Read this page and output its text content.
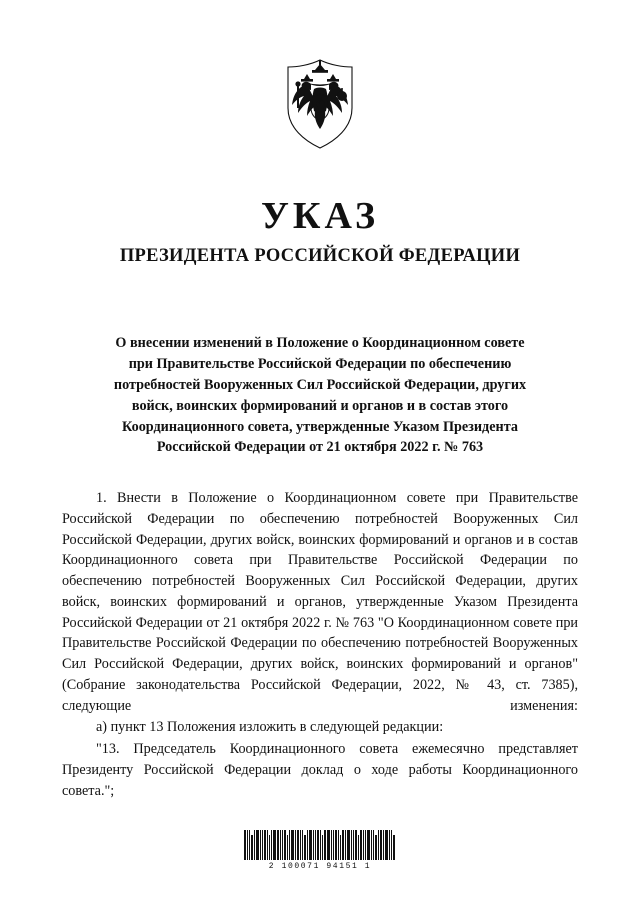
УКАЗ
ПРЕЗИДЕНТА РОССИЙСКОЙ ФЕДЕРАЦИИ
О внесении изменений в Положение о Координационном совете при Правительстве Российской Федерации по обеспечению потребностей Вооруженных Сил Российской Федерации, других войск, воинских формирований и органов и в состав этого Координационного совета, утвержденные Указом Президента Российской Федерации от 21 октября 2022 г. № 763

1. Внести в Положение о Координационном совете при Правительстве Российской Федерации по обеспечению потребностей Вооруженных Сил Российской Федерации, других войск, воинских формирований и органов и в состав Координационного совета при Правительстве Российской Федерации по обеспечению потребностей Вооруженных Сил Российской Федерации, других войск, воинских формирований и органов, утвержденные Указом Президента Российской Федерации от 21 октября 2022 г. № 763 "О Координационном совете при Правительстве Российской Федерации по обеспечению потребностей Вооруженных Сил Российской Федерации, других войск, воинских формирований и органов" (Собрание законодательства Российской Федерации, 2022, № 43, ст. 7385), следующие изменения:

а) пункт 13 Положения изложить в следующей редакции:

"13. Председатель Координационного совета ежемесячно представляет Президенту Российской Федерации доклад о ходе работы Координационного совета.";

2 100071 94151 1
